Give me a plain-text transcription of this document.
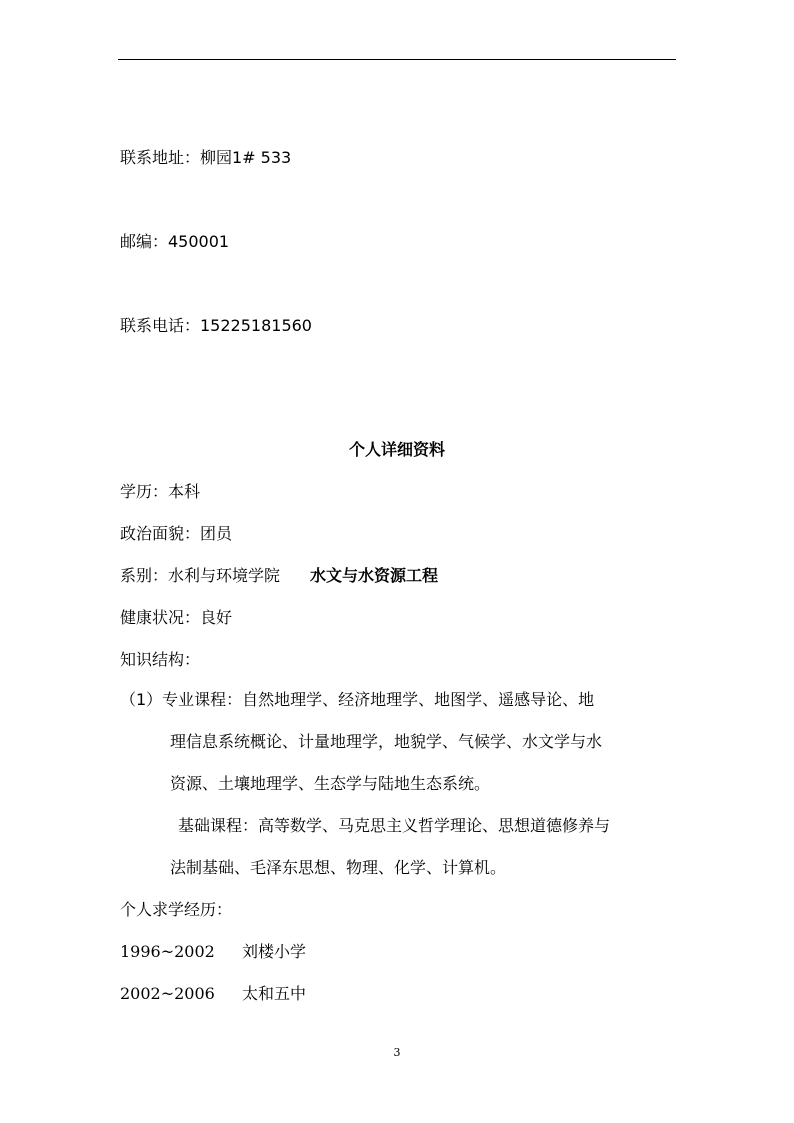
联系地址：柳园1# 533
邮编：450001
联系电话：15225181560
个人详细资料
学历：本科
政治面貌：团员
系别：水利与环境学院 水文与水资源工程
健康状况：良好
知识结构：
（1）专业课程：自然地理学、经济地理学、地图学、遥感导论、地
理信息系统概论、计量地理学，地貌学、气候学、水文学与水
资源、土壤地理学、生态学与陆地生态系统。
基础课程：高等数学、马克思主义哲学理论、思想道德修养与
法制基础、毛泽东思想、物理、化学、计算机。
个人求学经历：
1996~2002 刘楼小学
2002~2006 太和五中
3
